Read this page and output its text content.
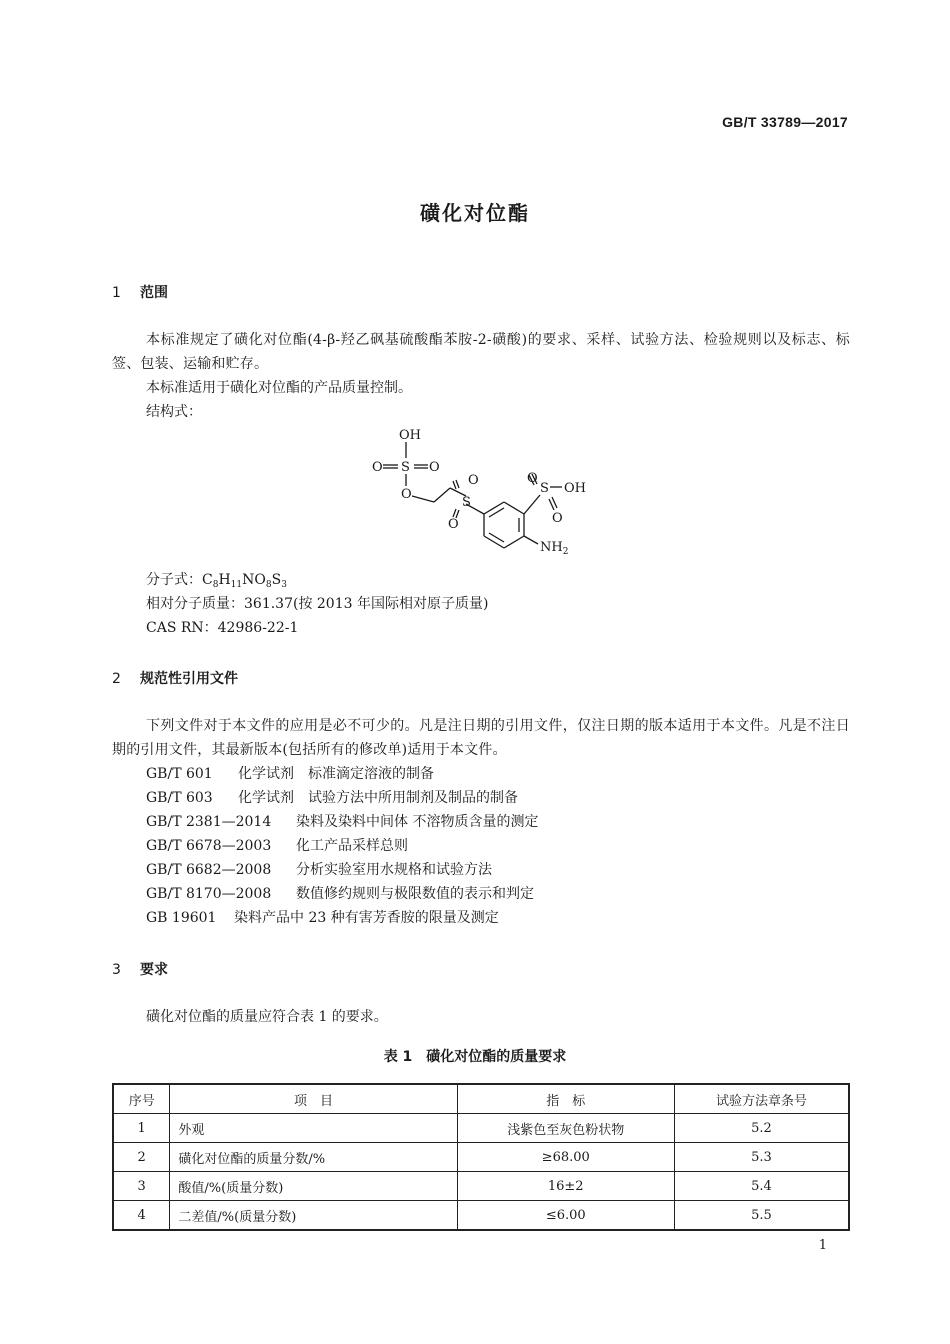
GB/T 33789—2017
磺化对位酯
1 范围
本标准规定了磺化对位酯(4-β-羟乙砜基硫酸酯苯胺-2-磺酸)的要求、采样、试验方法、检验规则以及标志、标签、包装、运输和贮存。
本标准适用于磺化对位酯的产品质量控制。
结构式：
OH
O S O
O
O
S
O
O
S OH
O
$NH_2$
分子式：$C_8H_{11}NO_8S_3$
相对分子质量：361.37(按 2013 年国际相对原子质量)
CAS RN：42986-22-1
2 规范性引用文件
下列文件对于本文件的应用是必不可少的。凡是注日期的引用文件，仅注日期的版本适用于本文件。凡是不注日期的引用文件，其最新版本(包括所有的修改单)适用于本文件。
GB/T 601 化学试剂　标准滴定溶液的制备
GB/T 603 化学试剂　试验方法中所用制剂及制品的制备
GB/T 2381—2014 染料及染料中间体 不溶物质含量的测定
GB/T 6678—2003 化工产品采样总则
GB/T 6682—2008 分析实验室用水规格和试验方法
GB/T 8170—2008 数值修约规则与极限数值的表示和判定
GB 19601 染料产品中 23 种有害芳香胺的限量及测定
3 要求
磺化对位酯的质量应符合表 1 的要求。
表 1　磺化对位酯的质量要求
序号	项　目	指　标	试验方法章条号
1	外观	浅紫色至灰色粉状物	5.2
2	磺化对位酯的质量分数/%	≥68.00	5.3
3	酸值/%(质量分数)	16±2	5.4
4	二差值/%(质量分数)	≤6.00	5.5
1
